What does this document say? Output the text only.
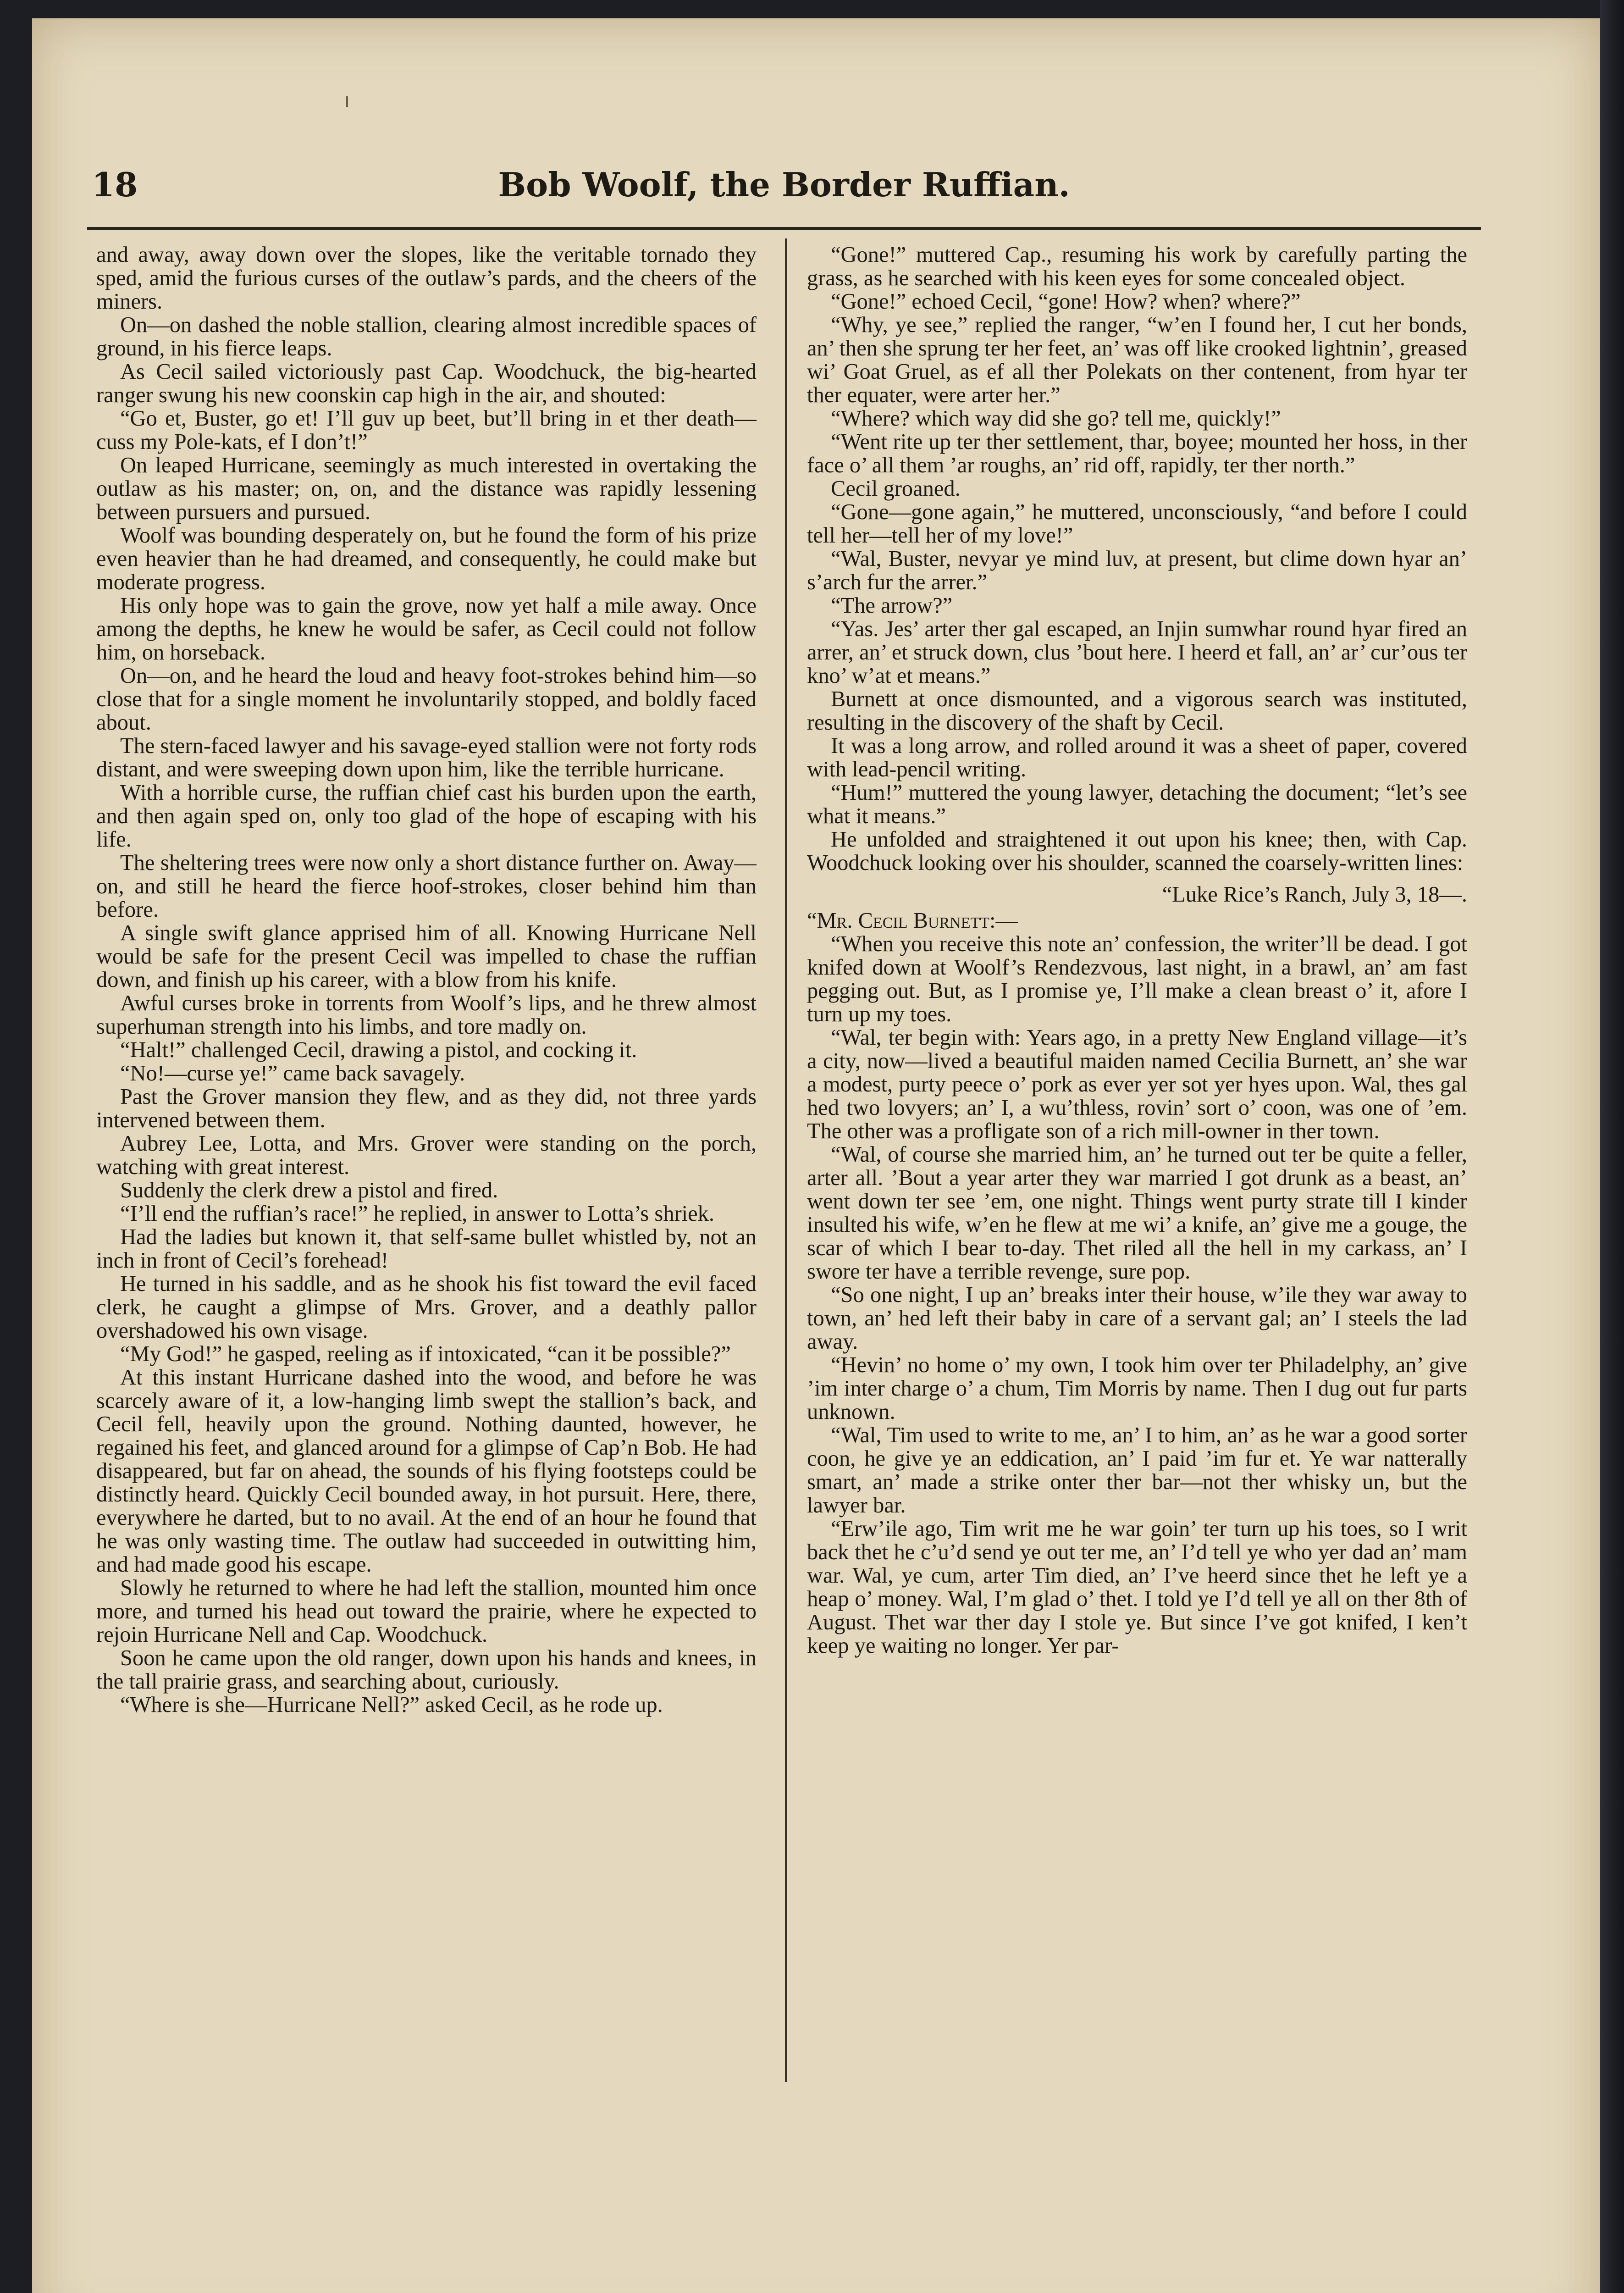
18	Bob Woolf, the Border Ruffian.

and away, away down over the slopes, like the veritable tornado they sped, amid the furious curses of the outlaw’s pards, and the cheers of the miners.

On—on dashed the noble stallion, clearing almost incredible spaces of ground, in his fierce leaps.

As Cecil sailed victoriously past Cap. Woodchuck, the big-hearted ranger swung his new coonskin cap high in the air, and shouted:

“Go et, Buster, go et! I’ll guv up beet, but’ll bring in et ther death—cuss my Pole-kats, ef I don’t!”

On leaped Hurricane, seemingly as much interested in overtaking the outlaw as his master; on, on, and the distance was rapidly lessening between pursuers and pursued.

Woolf was bounding desperately on, but he found the form of his prize even heavier than he had dreamed, and consequently, he could make but moderate progress.

His only hope was to gain the grove, now yet half a mile away. Once among the depths, he knew he would be safer, as Cecil could not follow him, on horseback.

On—on, and he heard the loud and heavy foot-strokes behind him—so close that for a single moment he involuntarily stopped, and boldly faced about.

The stern-faced lawyer and his savage-eyed stallion were not forty rods distant, and were sweeping down upon him, like the terrible hurricane.

With a horrible curse, the ruffian chief cast his burden upon the earth, and then again sped on, only too glad of the hope of escaping with his life.

The sheltering trees were now only a short distance further on. Away—on, and still he heard the fierce hoof-strokes, closer behind him than before.

A single swift glance apprised him of all. Knowing Hurricane Nell would be safe for the present Cecil was impelled to chase the ruffian down, and finish up his career, with a blow from his knife.

Awful curses broke in torrents from Woolf’s lips, and he threw almost superhuman strength into his limbs, and tore madly on.

“Halt!” challenged Cecil, drawing a pistol, and cocking it.

“No!—curse ye!” came back savagely.

Past the Grover mansion they flew, and as they did, not three yards intervened between them.

Aubrey Lee, Lotta, and Mrs. Grover were standing on the porch, watching with great interest.

Suddenly the clerk drew a pistol and fired.

“I’ll end the ruffian’s race!” he replied, in answer to Lotta’s shriek.

Had the ladies but known it, that self-same bullet whistled by, not an inch in front of Cecil’s forehead!

He turned in his saddle, and as he shook his fist toward the evil faced clerk, he caught a glimpse of Mrs. Grover, and a deathly pallor overshadowed his own visage.

“My God!” he gasped, reeling as if intoxicated, “can it be possible?”

At this instant Hurricane dashed into the wood, and before he was scarcely aware of it, a low-hanging limb swept the stallion’s back, and Cecil fell, heavily upon the ground. Nothing daunted, however, he regained his feet, and glanced around for a glimpse of Cap’n Bob. He had disappeared, but far on ahead, the sounds of his flying footsteps could be distinctly heard. Quickly Cecil bounded away, in hot pursuit. Here, there, everywhere he darted, but to no avail. At the end of an hour he found that he was only wasting time. The outlaw had succeeded in outwitting him, and had made good his escape.

Slowly he returned to where he had left the stallion, mounted him once more, and turned his head out toward the prairie, where he expected to rejoin Hurricane Nell and Cap. Woodchuck.

Soon he came upon the old ranger, down upon his hands and knees, in the tall prairie grass, and searching about, curiously.

“Where is she—Hurricane Nell?” asked Cecil, as he rode up.

“Gone!” muttered Cap., resuming his work by carefully parting the grass, as he searched with his keen eyes for some concealed object.

“Gone!” echoed Cecil, “gone! How? when? where?”

“Why, ye see,” replied the ranger, “w’en I found her, I cut her bonds, an’ then she sprung ter her feet, an’ was off like crooked lightnin’, greased wi’ Goat Gruel, as ef all ther Polekats on ther contenent, from hyar ter ther equater, were arter her.”

“Where? which way did she go? tell me, quickly!”

“Went rite up ter ther settlement, thar, boyee; mounted her hoss, in ther face o’ all them ’ar roughs, an’ rid off, rapidly, ter ther north.”

Cecil groaned.

“Gone—gone again,” he muttered, unconsciously, “and before I could tell her—tell her of my love!”

“Wal, Buster, nevyar ye mind luv, at present, but clime down hyar an’ s’arch fur the arrer.”

“The arrow?”

“Yas. Jes’ arter ther gal escaped, an Injin sumwhar round hyar fired an arrer, an’ et struck down, clus ’bout here. I heerd et fall, an’ ar’ cur’ous ter kno’ w’at et means.”

Burnett at once dismounted, and a vigorous search was instituted, resulting in the discovery of the shaft by Cecil.

It was a long arrow, and rolled around it was a sheet of paper, covered with lead-pencil writing.

“Hum!” muttered the young lawyer, detaching the document; “let’s see what it means.”

He unfolded and straightened it out upon his knee; then, with Cap. Woodchuck looking over his shoulder, scanned the coarsely-written lines:

“Luke Rice’s Ranch, July 3, 18—.

“Mr. Cecil Burnett:—

“When you receive this note an’ confession, the writer’ll be dead. I got knifed down at Woolf’s Rendezvous, last night, in a brawl, an’ am fast pegging out. But, as I promise ye, I’ll make a clean breast o’ it, afore I turn up my toes.

“Wal, ter begin with: Years ago, in a pretty New England village—it’s a city, now—lived a beautiful maiden named Cecilia Burnett, an’ she war a modest, purty peece o’ pork as ever yer sot yer hyes upon. Wal, thes gal hed two lovyers; an’ I, a wu’thless, rovin’ sort o’ coon, was one of ’em. The other was a profligate son of a rich mill-owner in ther town.

“Wal, of course she married him, an’ he turned out ter be quite a feller, arter all. ’Bout a year arter they war married I got drunk as a beast, an’ went down ter see ’em, one night. Things went purty strate till I kinder insulted his wife, w’en he flew at me wi’ a knife, an’ give me a gouge, the scar of which I bear to-day. Thet riled all the hell in my carkass, an’ I swore ter have a terrible revenge, sure pop.

“So one night, I up an’ breaks inter their house, w’ile they war away to town, an’ hed left their baby in care of a servant gal; an’ I steels the lad away.

“Hevin’ no home o’ my own, I took him over ter Philadelphy, an’ give ’im inter charge o’ a chum, Tim Morris by name. Then I dug out fur parts unknown.

“Wal, Tim used to write to me, an’ I to him, an’ as he war a good sorter coon, he give ye an eddication, an’ I paid ’im fur et. Ye war natterally smart, an’ made a strike onter ther bar—not ther whisky un, but the lawyer bar.

“Erw’ile ago, Tim writ me he war goin’ ter turn up his toes, so I writ back thet he c’u’d send ye out ter me, an’ I’d tell ye who yer dad an’ mam war. Wal, ye cum, arter Tim died, an’ I’ve heerd since thet he left ye a heap o’ money. Wal, I’m glad o’ thet. I told ye I’d tell ye all on ther 8th of August. Thet war ther day I stole ye. But since I’ve got knifed, I ken’t keep ye waiting no longer. Yer par-
